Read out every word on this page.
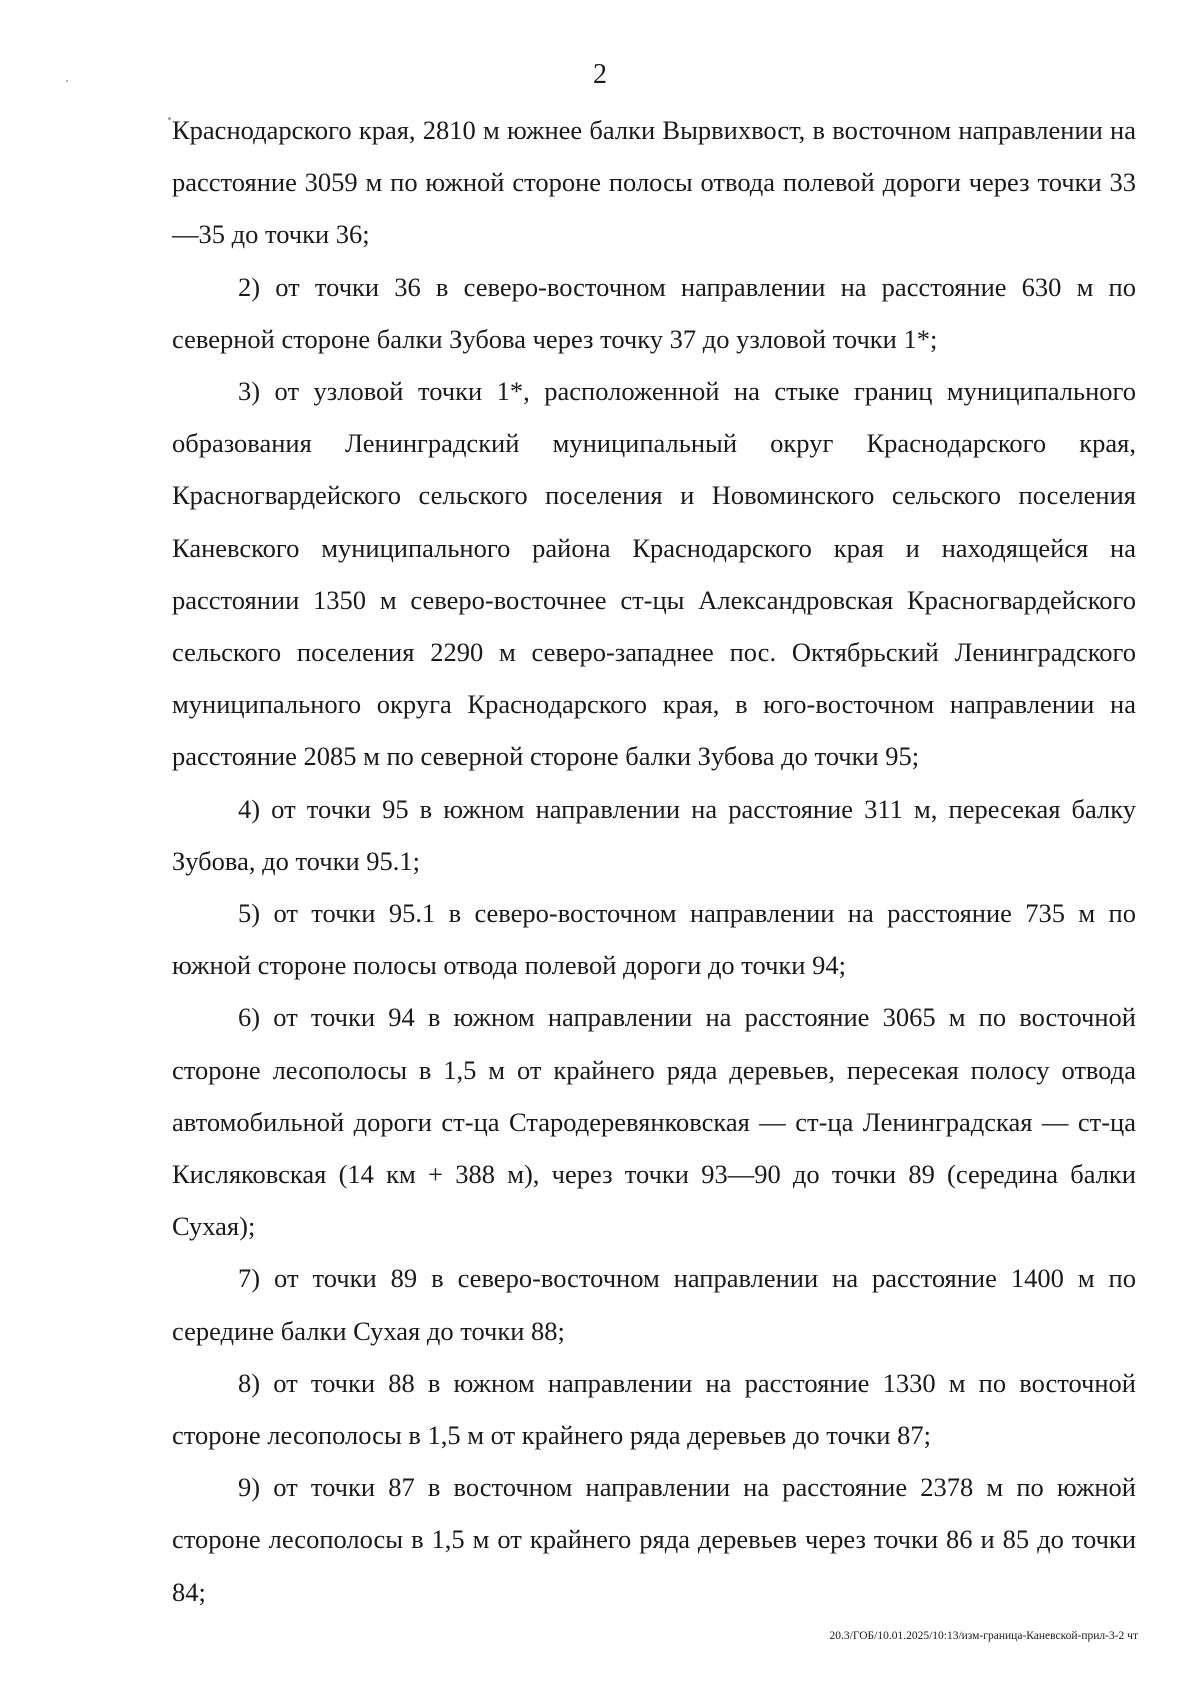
2

Краснодарского края, 2810 м южнее балки Вырвихвост, в восточном направлении на расстояние 3059 м по южной стороне полосы отвода полевой дороги через точки 33—35 до точки 36;

2) от точки 36 в северо-восточном направлении на расстояние 630 м по северной стороне балки Зубова через точку 37 до узловой точки 1*;

3) от узловой точки 1*, расположенной на стыке границ муниципального образования Ленинградский муниципальный округ Краснодарского края, Красногвардейского сельского поселения и Новоминского сельского поселения Каневского муниципального района Краснодарского края и находящейся на расстоянии 1350 м северо-восточнее ст-цы Александровская Красногвардейского сельского поселения 2290 м северо-западнее пос. Октябрьский Ленинградского муниципального округа Краснодарского края, в юго-восточном направлении на расстояние 2085 м по северной стороне балки Зубова до точки 95;

4) от точки 95 в южном направлении на расстояние 311 м, пересекая балку Зубова, до точки 95.1;

5) от точки 95.1 в северо-восточном направлении на расстояние 735 м по южной стороне полосы отвода полевой дороги до точки 94;

6) от точки 94 в южном направлении на расстояние 3065 м по восточной стороне лесополосы в 1,5 м от крайнего ряда деревьев, пересекая полосу отвода автомобильной дороги ст-ца Стародеревянковская — ст-ца Ленинградская — ст-ца Кисляковская (14 км + 388 м), через точки 93—90 до точки 89 (середина балки Сухая);

7) от точки 89 в северо-восточном направлении на расстояние 1400 м по середине балки Сухая до точки 88;

8) от точки 88 в южном направлении на расстояние 1330 м по восточной стороне лесополосы в 1,5 м от крайнего ряда деревьев до точки 87;

9) от точки 87 в восточном направлении на расстояние 2378 м по южной стороне лесополосы в 1,5 м от крайнего ряда деревьев через точки 86 и 85 до точки 84;

20.3/ГОБ/10.01.2025/10:13/изм-граница-Каневской-прил-3-2 чт
